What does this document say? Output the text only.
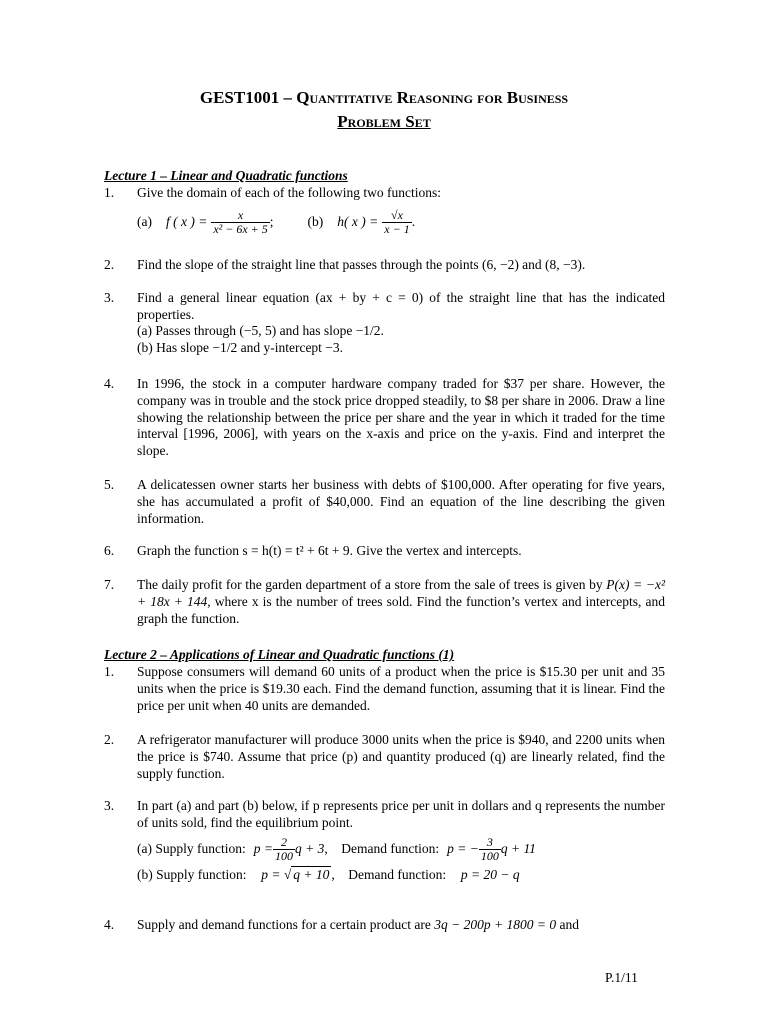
GEST1001 – Quantitative Reasoning for Business
Problem Set
Lecture 1 – Linear and Quadratic functions
1. Give the domain of each of the following two functions:
(a) f ( x ) = $\frac{x}{\text{x² − 6x + 5}}$ ;	(b) h( x ) = $\frac{√x}{x - 1}$ .
2. Find the slope of the straight line that passes through the points (6, −2) and (8, −3).
3. Find a general linear equation (ax + by + c = 0) of the straight line that has the indicated properties.
(a) Passes through (−5, 5) and has slope −1/2.
(b) Has slope −1/2 and y-intercept −3.
4. In 1996, the stock in a computer hardware company traded for $37 per share. However, the company was in trouble and the stock price dropped steadily, to $8 per share in 2006. Draw a line showing the relationship between the price per share and the year in which it traded for the time interval [1996, 2006], with years on the x-axis and price on the y-axis. Find and interpret the slope.
5. A delicatessen owner starts her business with debts of $100,000. After operating for five years, she has accumulated a profit of $40,000. Find an equation of the line describing the given information.
6. Graph the function s = h(t) = t² + 6t + 9. Give the vertex and intercepts.
7. The daily profit for the garden department of a store from the sale of trees is given by P(x) = −x² + 18x + 144, where x is the number of trees sold. Find the function’s vertex and intercepts, and graph the function.
Lecture 2 – Applications of Linear and Quadratic functions (1)
1. Suppose consumers will demand 60 units of a product when the price is $15.30 per unit and 35 units when the price is $19.30 each. Find the demand function, assuming that it is linear. Find the price per unit when 40 units are demanded.
2. A refrigerator manufacturer will produce 3000 units when the price is $940, and 2200 units when the price is $740. Assume that price (p) and quantity produced (q) are linearly related, find the supply function.
3. In part (a) and part (b) below, if p represents price per unit in dollars and q represents the number of units sold, find the equilibrium point.
(a) Supply function: $p = \frac{2}{100}$ q + 3 ,    Demand function: p = − $\frac{3}{100}$ q + 11
(b) Supply function: p = √ q + 10 ,    Demand function: p = 20 − q
4. Supply and demand functions for a certain product are 3q − 200p + 1800 = 0 and
P.1/11
